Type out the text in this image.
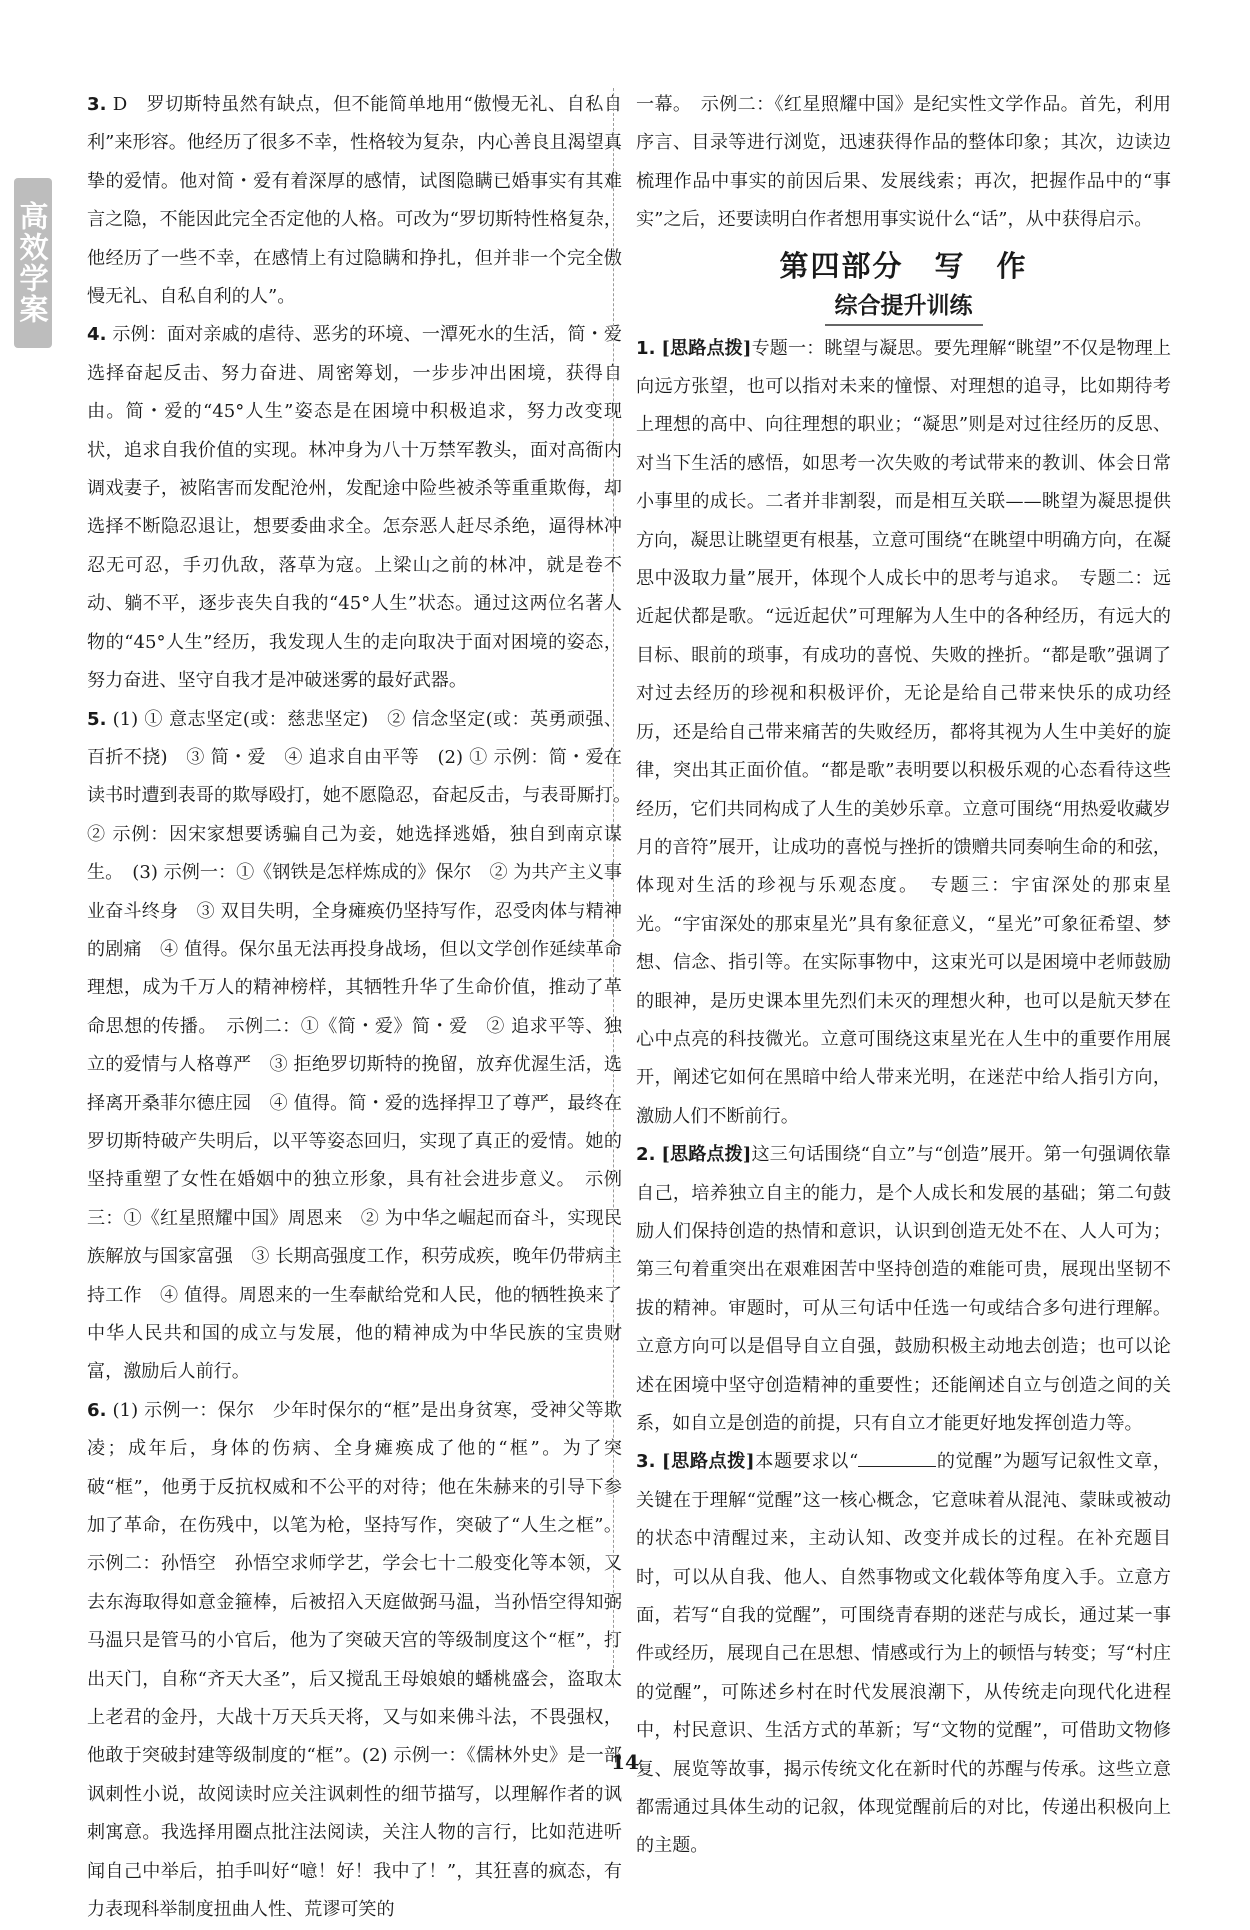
高效学案

3. D　罗切斯特虽然有缺点，但不能简单地用“傲慢无礼、自私自利”来形容。他经历了很多不幸，性格较为复杂，内心善良且渴望真挚的爱情。他对简・爱有着深厚的感情，试图隐瞒已婚事实有其难言之隐，不能因此完全否定他的人格。可改为“罗切斯特性格复杂，他经历了一些不幸，在感情上有过隐瞒和挣扎，但并非一个完全傲慢无礼、自私自利的人”。

4. 示例：面对亲戚的虐待、恶劣的环境、一潭死水的生活，简・爱选择奋起反击、努力奋进、周密筹划，一步步冲出困境，获得自由。简・爱的“45°人生”姿态是在困境中积极追求，努力改变现状，追求自我价值的实现。林冲身为八十万禁军教头，面对高衙内调戏妻子，被陷害而发配沧州，发配途中险些被杀等重重欺侮，却选择不断隐忍退让，想要委曲求全。怎奈恶人赶尽杀绝，逼得林冲忍无可忍，手刃仇敌，落草为寇。上梁山之前的林冲，就是卷不动、躺不平，逐步丧失自我的“45°人生”状态。通过这两位名著人物的“45°人生”经历，我发现人生的走向取决于面对困境的姿态，努力奋进、坚守自我才是冲破迷雾的最好武器。

5. (1) ① 意志坚定(或：慈悲坚定)　② 信念坚定(或：英勇顽强、百折不挠)　③ 简・爱　④ 追求自由平等　(2) ① 示例：简・爱在读书时遭到表哥的欺辱殴打，她不愿隐忍，奋起反击，与表哥厮打。　② 示例：因宋家想要诱骗自己为妾，她选择逃婚，独自到南京谋生。　(3) 示例一：①《钢铁是怎样炼成的》保尔　② 为共产主义事业奋斗终身　③ 双目失明，全身瘫痪仍坚持写作，忍受肉体与精神的剧痛　④ 值得。保尔虽无法再投身战场，但以文学创作延续革命理想，成为千万人的精神榜样，其牺牲升华了生命价值，推动了革命思想的传播。　示例二：①《简・爱》简・爱　② 追求平等、独立的爱情与人格尊严　③ 拒绝罗切斯特的挽留，放弃优渥生活，选择离开桑菲尔德庄园　④ 值得。简・爱的选择捍卫了尊严，最终在罗切斯特破产失明后，以平等姿态回归，实现了真正的爱情。她的坚持重塑了女性在婚姻中的独立形象，具有社会进步意义。　示例三：①《红星照耀中国》周恩来　② 为中华之崛起而奋斗，实现民族解放与国家富强　③ 长期高强度工作，积劳成疾，晚年仍带病主持工作　④ 值得。周恩来的一生奉献给党和人民，他的牺牲换来了中华人民共和国的成立与发展，他的精神成为中华民族的宝贵财富，激励后人前行。

6. (1) 示例一：保尔　少年时保尔的“框”是出身贫寒，受神父等欺凌；成年后，身体的伤病、全身瘫痪成了他的“框”。为了突破“框”，他勇于反抗权威和不公平的对待；他在朱赫来的引导下参加了革命，在伤残中，以笔为枪，坚持写作，突破了“人生之框”。示例二：孙悟空　孙悟空求师学艺，学会七十二般变化等本领，又去东海取得如意金箍棒，后被招入天庭做弼马温，当孙悟空得知弼马温只是管马的小官后，他为了突破天宫的等级制度这个“框”，打出天门，自称“齐天大圣”，后又搅乱王母娘娘的蟠桃盛会，盗取太上老君的金丹，大战十万天兵天将，又与如来佛斗法，不畏强权，他敢于突破封建等级制度的“框”。(2) 示例一：《儒林外史》是一部讽刺性小说，故阅读时应关注讽刺性的细节描写，以理解作者的讽刺寓意。我选择用圈点批注法阅读，关注人物的言行，比如范进听闻自己中举后，拍手叫好“噫！好！我中了！”，其狂喜的疯态，有力表现科举制度扭曲人性、荒谬可笑的

一幕。　示例二：《红星照耀中国》是纪实性文学作品。首先，利用序言、目录等进行浏览，迅速获得作品的整体印象；其次，边读边梳理作品中事实的前因后果、发展线索；再次，把握作品中的“事实”之后，还要读明白作者想用事实说什么“话”，从中获得启示。

第四部分　写　作
综合提升训练

1. [思路点拨]专题一：眺望与凝思。要先理解“眺望”不仅是物理上向远方张望，也可以指对未来的憧憬、对理想的追寻，比如期待考上理想的高中、向往理想的职业；“凝思”则是对过往经历的反思、对当下生活的感悟，如思考一次失败的考试带来的教训、体会日常小事里的成长。二者并非割裂，而是相互关联——眺望为凝思提供方向，凝思让眺望更有根基，立意可围绕“在眺望中明确方向，在凝思中汲取力量”展开，体现个人成长中的思考与追求。　专题二：远近起伏都是歌。“远近起伏”可理解为人生中的各种经历，有远大的目标、眼前的琐事，有成功的喜悦、失败的挫折。“都是歌”强调了对过去经历的珍视和积极评价，无论是给自己带来快乐的成功经历，还是给自己带来痛苦的失败经历，都将其视为人生中美好的旋律，突出其正面价值。“都是歌”表明要以积极乐观的心态看待这些经历，它们共同构成了人生的美妙乐章。立意可围绕“用热爱收藏岁月的音符”展开，让成功的喜悦与挫折的馈赠共同奏响生命的和弦，体现对生活的珍视与乐观态度。　专题三：宇宙深处的那束星光。“宇宙深处的那束星光”具有象征意义，“星光”可象征希望、梦想、信念、指引等。在实际事物中，这束光可以是困境中老师鼓励的眼神，是历史课本里先烈们未灭的理想火种，也可以是航天梦在心中点亮的科技微光。立意可围绕这束星光在人生中的重要作用展开，阐述它如何在黑暗中给人带来光明，在迷茫中给人指引方向，激励人们不断前行。

2. [思路点拨]这三句话围绕“自立”与“创造”展开。第一句强调依靠自己，培养独立自主的能力，是个人成长和发展的基础；第二句鼓励人们保持创造的热情和意识，认识到创造无处不在、人人可为；第三句着重突出在艰难困苦中坚持创造的难能可贵，展现出坚韧不拔的精神。审题时，可从三句话中任选一句或结合多句进行理解。立意方向可以是倡导自立自强，鼓励积极主动地去创造；也可以论述在困境中坚守创造精神的重要性；还能阐述自立与创造之间的关系，如自立是创造的前提，只有自立才能更好地发挥创造力等。

3. [思路点拨]本题要求以“	的觉醒”为题写记叙性文章，关键在于理解“觉醒”这一核心概念，它意味着从混沌、蒙昧或被动的状态中清醒过来，主动认知、改变并成长的过程。在补充题目时，可以从自我、他人、自然事物或文化载体等角度入手。立意方面，若写“自我的觉醒”，可围绕青春期的迷茫与成长，通过某一事件或经历，展现自己在思想、情感或行为上的顿悟与转变；写“村庄的觉醒”，可陈述乡村在时代发展浪潮下，从传统走向现代化进程中，村民意识、生活方式的革新；写“文物的觉醒”，可借助文物修复、展览等故事，揭示传统文化在新时代的苏醒与传承。这些立意都需通过具体生动的记叙，体现觉醒前后的对比，传递出积极向上的主题。

14
